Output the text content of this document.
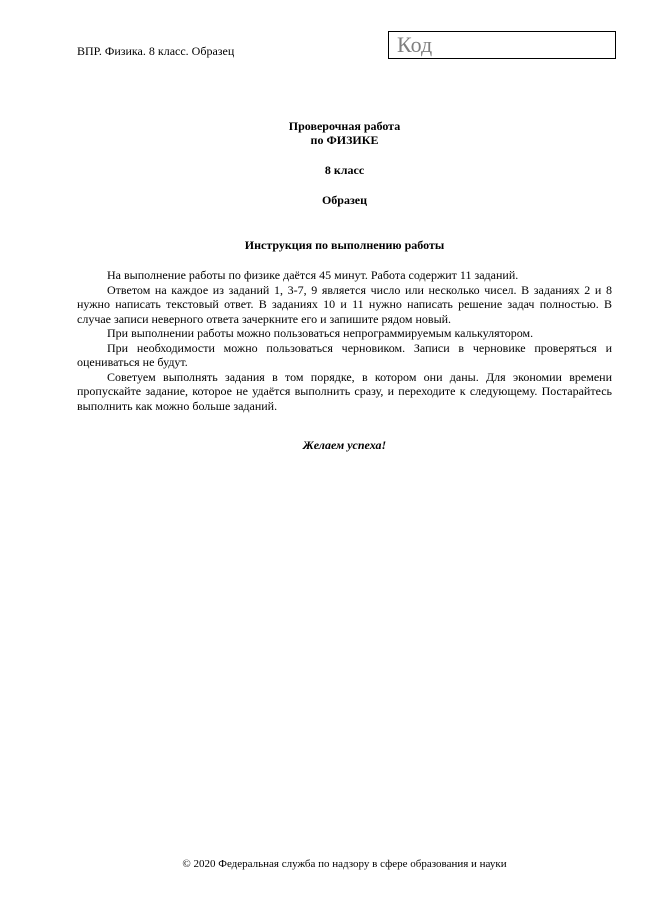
ВПР. Физика. 8 класс. Образец	Код
Проверочная работа
по ФИЗИКЕ
8 класс
Образец
Инструкция по выполнению работы

На выполнение работы по физике даётся 45 минут. Работа содержит 11 заданий.

Ответом на каждое из заданий 1, 3-7, 9 является число или несколько чисел. В заданиях 2 и 8 нужно написать текстовый ответ. В заданиях 10 и 11 нужно написать решение задач полностью. В случае записи неверного ответа зачеркните его и запишите рядом новый.

При выполнении работы можно пользоваться непрограммируемым калькулятором.

При необходимости можно пользоваться черновиком. Записи в черновике проверяться и оцениваться не будут.

Советуем выполнять задания в том порядке, в котором они даны. Для экономии времени пропускайте задание, которое не удаётся выполнить сразу, и переходите к следующему. Постарайтесь выполнить как можно больше заданий.

Желаем успеха!
© 2020 Федеральная служба по надзору в сфере образования и науки
